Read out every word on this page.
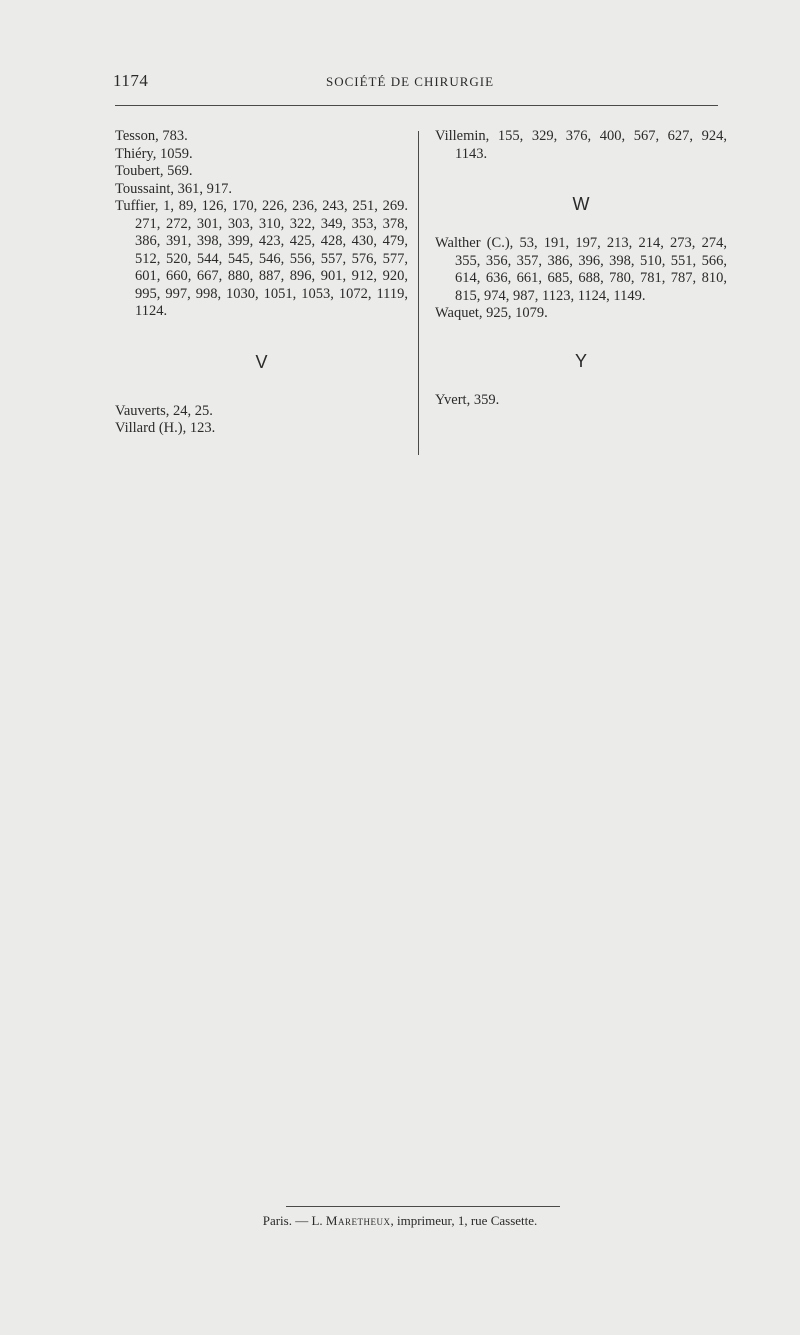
1174	SOCIÉTÉ DE CHIRURGIE
Tesson, 783.
Thiéry, 1059.
Toubert, 569.
Toussaint, 361, 917.
Tuffier, 1, 89, 126, 170, 226, 236, 243, 251, 269. 271, 272, 301, 303, 310, 322, 349, 353, 378, 386, 391, 398, 399, 423, 425, 428, 430, 479, 512, 520, 544, 545, 546, 556, 557, 576, 577, 601, 660, 667, 880, 887, 896, 901, 912, 920, 995, 997, 998, 1030, 1051, 1053, 1072, 1119, 1124.
V
Vauverts, 24, 25.
Villard (H.), 123.
Villemin, 155, 329, 376, 400, 567, 627, 924, 1143.
W
Walther (C.), 53, 191, 197, 213, 214, 273, 274, 355, 356, 357, 386, 396, 398, 510, 551, 566, 614, 636, 661, 685, 688, 780, 781, 787, 810, 815, 974, 987, 1123, 1124, 1149.
Waquet, 925, 1079.
Y
Yvert, 359.
Paris. — L. Maretheux, imprimeur, 1, rue Cassette.
